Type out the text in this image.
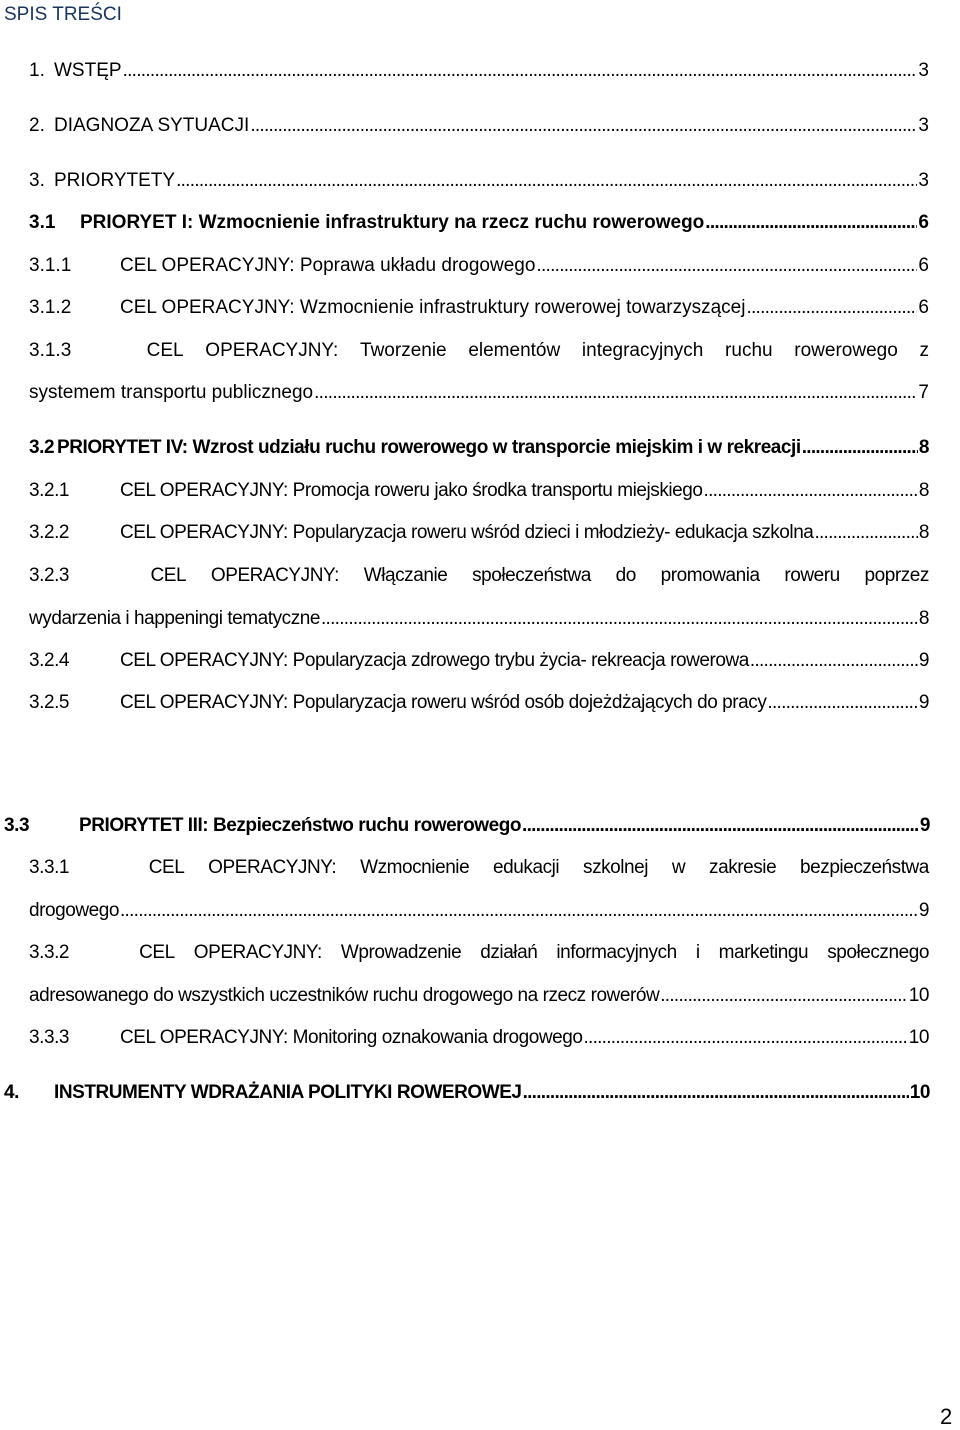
SPIS TREŚCI
1. WSTĘP . . .	3
2. DIAGNOZA SYTUACJI . . .	3
3. PRIORYTETY . . .	3
3.1	PRIORYET I: Wzmocnienie infrastruktury na rzecz ruchu rowerowego . . .	6
3.1.1	CEL OPERACYJNY: Poprawa układu drogowego . . .	6
3.1.2	CEL OPERACYJNY: Wzmocnienie infrastruktury rowerowej towarzyszącej . . .	6
3.1.3	CEL OPERACYJNY: Tworzenie elementów integracyjnych ruchu rowerowego z
systemem transportu publicznego . . .	7
3.2 PRIORYTET IV: Wzrost udziału ruchu rowerowego w transporcie miejskim i w rekreacji . . .	8
3.2.1	CEL OPERACYJNY: Promocja roweru jako środka transportu miejskiego . . .	8
3.2.2	CEL OPERACYJNY: Popularyzacja roweru wśród dzieci i młodzieży- edukacja szkolna . . .	8
3.2.3	CEL OPERACYJNY: Włączanie społeczeństwa do promowania roweru poprzez
wydarzenia i happeningi tematyczne . . .	8
3.2.4	CEL OPERACYJNY: Popularyzacja zdrowego trybu życia- rekreacja rowerowa . . .	9
3.2.5	CEL OPERACYJNY: Popularyzacja roweru wśród osób dojeżdżających do pracy . . .	9
3.3	PRIORYTET III: Bezpieczeństwo ruchu rowerowego . . .	9
3.3.1	CEL OPERACYJNY: Wzmocnienie edukacji szkolnej w zakresie bezpieczeństwa
drogowego . . .	9
3.3.2	CEL OPERACYJNY: Wprowadzenie działań informacyjnych i marketingu społecznego
adresowanego do wszystkich uczestników ruchu drogowego na rzecz rowerów . . .	10
3.3.3	CEL OPERACYJNY: Monitoring oznakowania drogowego . . .	10
4.	INSTRUMENTY WDRAŻANIA POLITYKI ROWEROWEJ . . .	10
2
